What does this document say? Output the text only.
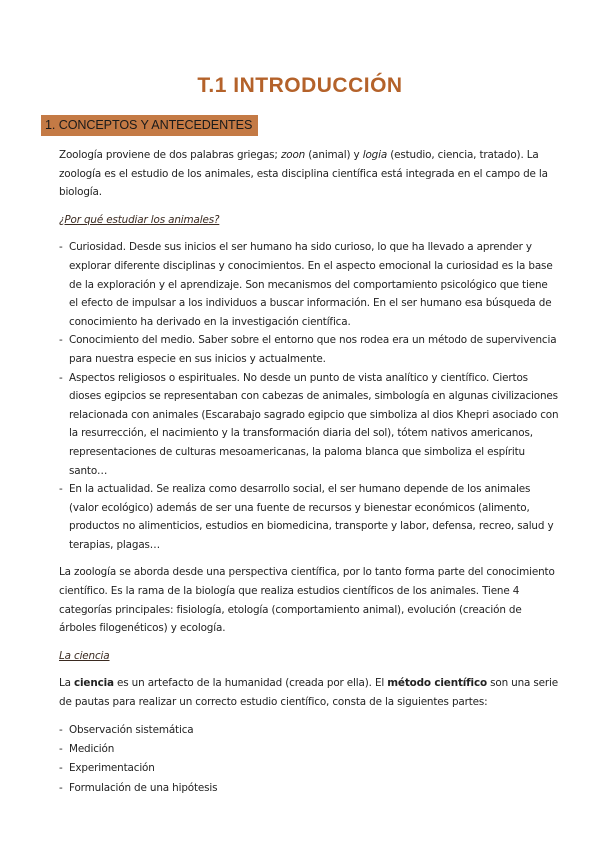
T.1 INTRODUCCIÓN
1. CONCEPTOS Y ANTECEDENTES

Zoología proviene de dos palabras griegas; zoon (animal) y logia (estudio, ciencia, tratado). La zoología es el estudio de los animales, esta disciplina científica está integrada en el campo de la biología.

¿Por qué estudiar los animales?

- Curiosidad. Desde sus inicios el ser humano ha sido curioso, lo que ha llevado a aprender y explorar diferente disciplinas y conocimientos. En el aspecto emocional la curiosidad es la base de la exploración y el aprendizaje. Son mecanismos del comportamiento psicológico que tiene el efecto de impulsar a los individuos a buscar información. En el ser humano esa búsqueda de conocimiento ha derivado en la investigación científica.
- Conocimiento del medio. Saber sobre el entorno que nos rodea era un método de supervivencia para nuestra especie en sus inicios y actualmente.
- Aspectos religiosos o espirituales. No desde un punto de vista analítico y científico. Ciertos dioses egipcios se representaban con cabezas de animales, simbología en algunas civilizaciones relacionada con animales (Escarabajo sagrado egipcio que simboliza al dios Khepri asociado con la resurrección, el nacimiento y la transformación diaria del sol), tótem nativos americanos, representaciones de culturas mesoamericanas, la paloma blanca que simboliza el espíritu santo…
- En la actualidad. Se realiza como desarrollo social, el ser humano depende de los animales (valor ecológico) además de ser una fuente de recursos y bienestar económicos (alimento, productos no alimenticios, estudios en biomedicina, transporte y labor, defensa, recreo, salud y terapias, plagas…

La zoología se aborda desde una perspectiva científica, por lo tanto forma parte del conocimiento científico. Es la rama de la biología que realiza estudios científicos de los animales. Tiene 4 categorías principales: fisiología, etología (comportamiento animal), evolución (creación de árboles filogenéticos) y ecología.

La ciencia

La ciencia es un artefacto de la humanidad (creada por ella). El método científico son una serie de pautas para realizar un correcto estudio científico, consta de la siguientes partes:

- Observación sistemática
- Medición
- Experimentación
- Formulación de una hipótesis
